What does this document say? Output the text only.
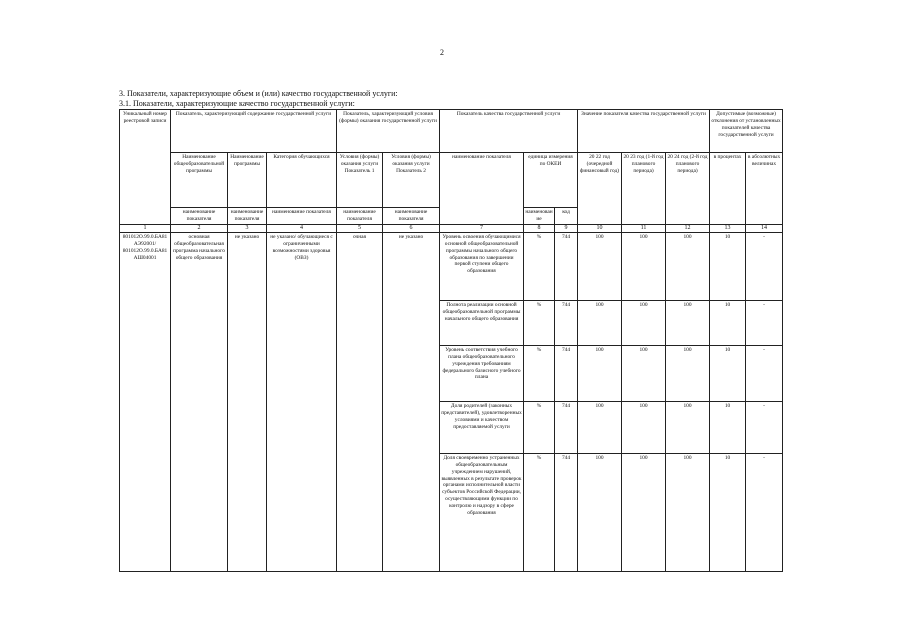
2
3. Показатели, характеризующие объем и (или) качество государственной услуги:
3.1. Показатели, характеризующие качество государственной услуги:
Уникальный номер реестровой записи	Показатель, характеризующий содержание государственной услуги			Показатель, характеризующий условия (формы) оказания государственной услуги		Показатель качества государственной услуги			Значение показателя качества государственной услуги			Допустимые (возможные) отклонения от установленных показателей качества государственной услуги	
	Наименование общеобразовательной программы	Наименование программы	Категория обучающихся	Условия (формы) оказания услуги Показатель 1	Условия (формы) оказания услуги Показатель 2	наименование показателя	единица измерения по ОКЕИ		20 22 год (очередной финансовый год)	20 23 год (1-й год планового периода)	20 24 год (2-й год планового периода)	в процентах	в абсолютных величинах
	наименование показателя	наименование показателя	наименование показателя	наименование показателя	наименование показателя		наименование	код					
1	2	3	4	5	6	7	8	9	10	11	12	13	14
801012О.99.0.БА81АЭ92001/ 801012О.99.0.БА81АШ04001	основная общеобразовательная программа начального общего образования	не указано	не указано/ обучающиеся с ограниченными возможностями здоровья (ОВЗ)	очная	не указано	Уровень освоения обучающимися основной общеобразовательной программы начального общего образования по завершении первой ступени общего образования	%	744	100	100	100	10	-
						Полнота реализации основной общеобразовательной программы начального общего образования	%	744	100	100	100	10	-
						Уровень соответствия учебного плана общеобразовательного учреждения требованиям федерального базисного учебного плана	%	744	100	100	100	10	-
						Доля родителей (законных представителей), удовлетворенных условиями и качеством предоставляемой услуги	%	744	100	100	100	10	-
						Доля своевременно устраненных общеобразовательным учреждением нарушений, выявленных в результате проверок органами исполнительной власти субъектов Российской Федерации, осуществляющими функции по контролю и надзору в сфере образования	%	744	100	100	100	10	-
